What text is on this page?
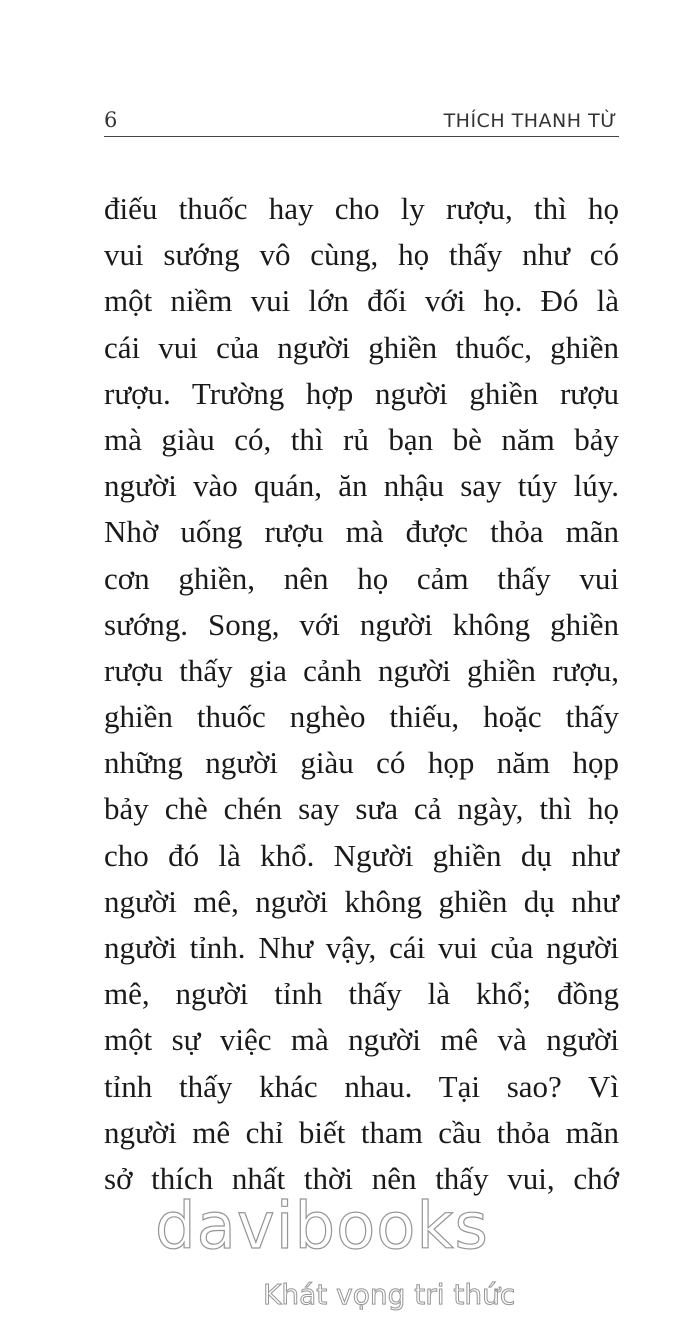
6	THÍCH THANH TỪ
điếu thuốc hay cho ly rượu, thì họ
vui sướng vô cùng, họ thấy như có
một niềm vui lớn đối với họ. Đó là
cái vui của người ghiền thuốc, ghiền
rượu. Trường hợp người ghiền rượu
mà giàu có, thì rủ bạn bè năm bảy
người vào quán, ăn nhậu say túy lúy.
Nhờ uống rượu mà được thỏa mãn
cơn ghiền, nên họ cảm thấy vui
sướng. Song, với người không ghiền
rượu thấy gia cảnh người ghiền rượu,
ghiền thuốc nghèo thiếu, hoặc thấy
những người giàu có họp năm họp
bảy chè chén say sưa cả ngày, thì họ
cho đó là khổ. Người ghiền dụ như
người mê, người không ghiền dụ như
người tỉnh. Như vậy, cái vui của người
mê, người tỉnh thấy là khổ; đồng
một sự việc mà người mê và người
tỉnh thấy khác nhau. Tại sao? Vì
người mê chỉ biết tham cầu thỏa mãn
sở thích nhất thời nên thấy vui, chớ
davibooks
Khát vọng tri thức
